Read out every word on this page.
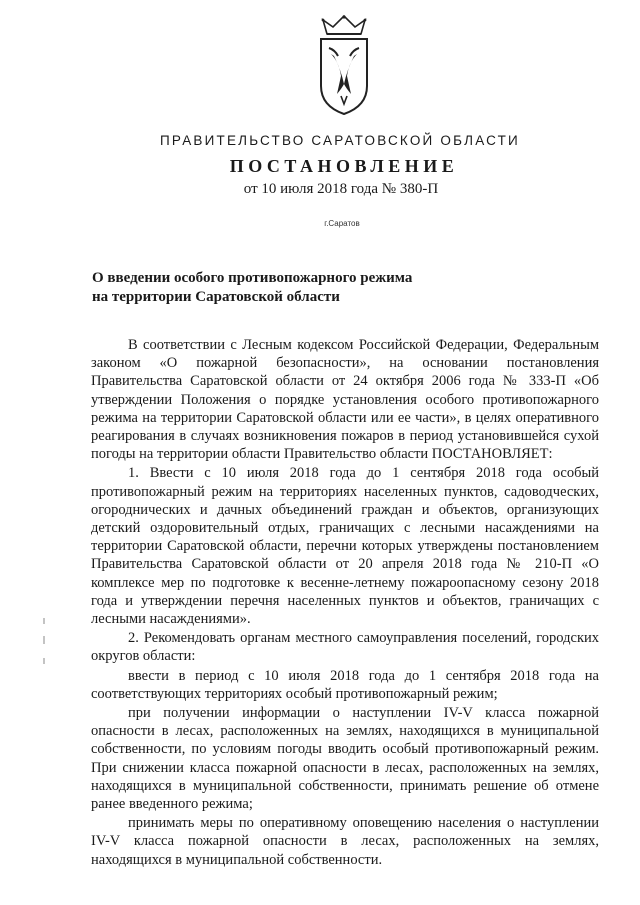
ПРАВИТЕЛЬСТВО САРАТОВСКОЙ ОБЛАСТИ
ПОСТАНОВЛЕНИЕ
от 10 июля 2018 года № 380-П
г.Саратов
О введении особого противопожарного режима
на территории Саратовской области

В соответствии с Лесным кодексом Российской Федерации, Федеральным законом «О пожарной безопасности», на основании постановления Правительства Саратовской области от 24 октября 2006 года № 333-П «Об утверждении Положения о порядке установления особого противопожарного режима на территории Саратовской области или ее части», в целях оперативного реагирования в случаях возникновения пожаров в период установившейся сухой погоды на территории области Правительство области ПОСТАНОВЛЯЕТ:

1. Ввести с 10 июля 2018 года до 1 сентября 2018 года особый противопожарный режим на территориях населенных пунктов, садоводческих, огороднических и дачных объединений граждан и объектов, организующих детский оздоровительный отдых, граничащих с лесными насаждениями на территории Саратовской области, перечни которых утверждены постановлением Правительства Саратовской области от 20 апреля 2018 года № 210-П «О комплексе мер по подготовке к весенне-летнему пожароопасному сезону 2018 года и утверждении перечня населенных пунктов и объектов, граничащих с лесными насаждениями».

2. Рекомендовать органам местного самоуправления поселений, городских округов области:

ввести в период с 10 июля 2018 года до 1 сентября 2018 года на соответствующих территориях особый противопожарный режим;

при получении информации о наступлении IV-V класса пожарной опасности в лесах, расположенных на землях, находящихся в муниципальной собственности, по условиям погоды вводить особый противопожарный режим. При снижении класса пожарной опасности в лесах, расположенных на землях, находящихся в муниципальной собственности, принимать решение об отмене ранее введенного режима;

принимать меры по оперативному оповещению населения о наступлении IV-V класса пожарной опасности в лесах, расположенных на землях, находящихся в муниципальной собственности.
